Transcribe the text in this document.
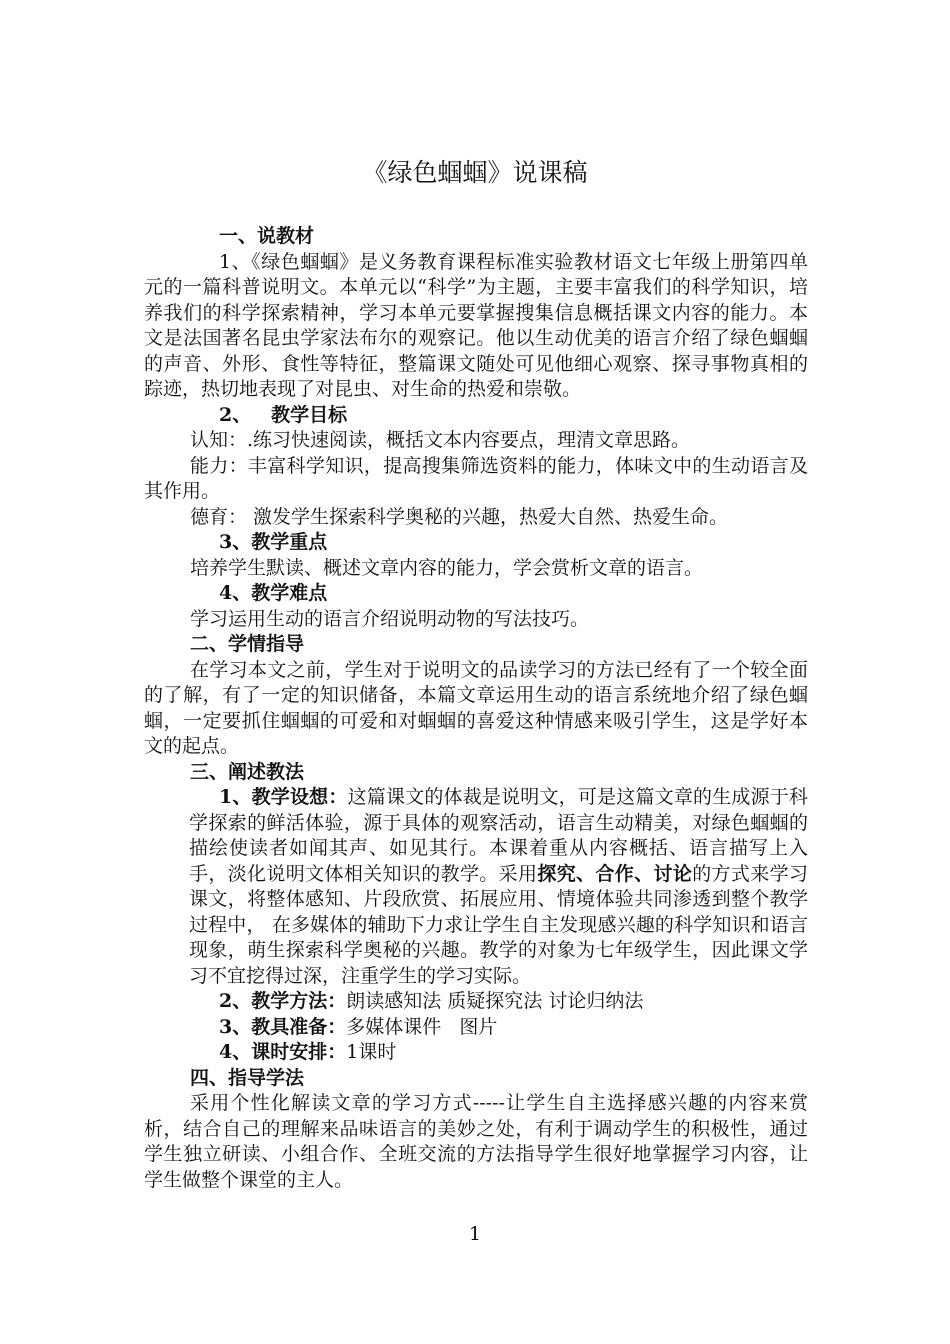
《绿色蝈蝈》说课稿

一、说教材

1、《绿色蝈蝈》是义务教育课程标准实验教材语文七年级上册第四单元的一篇科普说明文。本单元以“科学”为主题，主要丰富我们的科学知识，培养我们的科学探索精神，学习本单元要掌握搜集信息概括课文内容的能力。本文是法国著名昆虫学家法布尔的观察记。他以生动优美的语言介绍了绿色蝈蝈的声音、外形、食性等特征，整篇课文随处可见他细心观察、探寻事物真相的踪迹，热切地表现了对昆虫、对生命的热爱和崇敬。

2、   教学目标

认知：.练习快速阅读，概括文本内容要点，理清文章思路。

能力：丰富科学知识，提高搜集筛选资料的能力，体味文中的生动语言及其作用。

德育： 激发学生探索科学奥秘的兴趣，热爱大自然、热爱生命。

3、教学重点

培养学生默读、概述文章内容的能力，学会赏析文章的语言。

4、教学难点

学习运用生动的语言介绍说明动物的写法技巧。

二、学情指导

在学习本文之前，学生对于说明文的品读学习的方法已经有了一个较全面的了解，有了一定的知识储备，本篇文章运用生动的语言系统地介绍了绿色蝈蝈，一定要抓住蝈蝈的可爱和对蝈蝈的喜爱这种情感来吸引学生，这是学好本文的起点。

三、阐述教法

1、教学设想：这篇课文的体裁是说明文，可是这篇文章的生成源于科学探索的鲜活体验，源于具体的观察活动，语言生动精美，对绿色蝈蝈的描绘使读者如闻其声、如见其行。本课着重从内容概括、语言描写上入手，淡化说明文体相关知识的教学。采用探究、合作、讨论的方式来学习课文，将整体感知、片段欣赏、拓展应用、情境体验共同渗透到整个教学过程中， 在多媒体的辅助下力求让学生自主发现感兴趣的科学知识和语言现象，萌生探索科学奥秘的兴趣。教学的对象为七年级学生，因此课文学习不宜挖得过深，注重学生的学习实际。

2、教学方法：朗读感知法 质疑探究法 讨论归纳法

3、教具准备：多媒体课件   图片

4、课时安排：1课时

四、指导学法

采用个性化解读文章的学习方式-----让学生自主选择感兴趣的内容来赏析，结合自己的理解来品味语言的美妙之处，有利于调动学生的积极性，通过学生独立研读、小组合作、全班交流的方法指导学生很好地掌握学习内容，让学生做整个课堂的主人。

1
